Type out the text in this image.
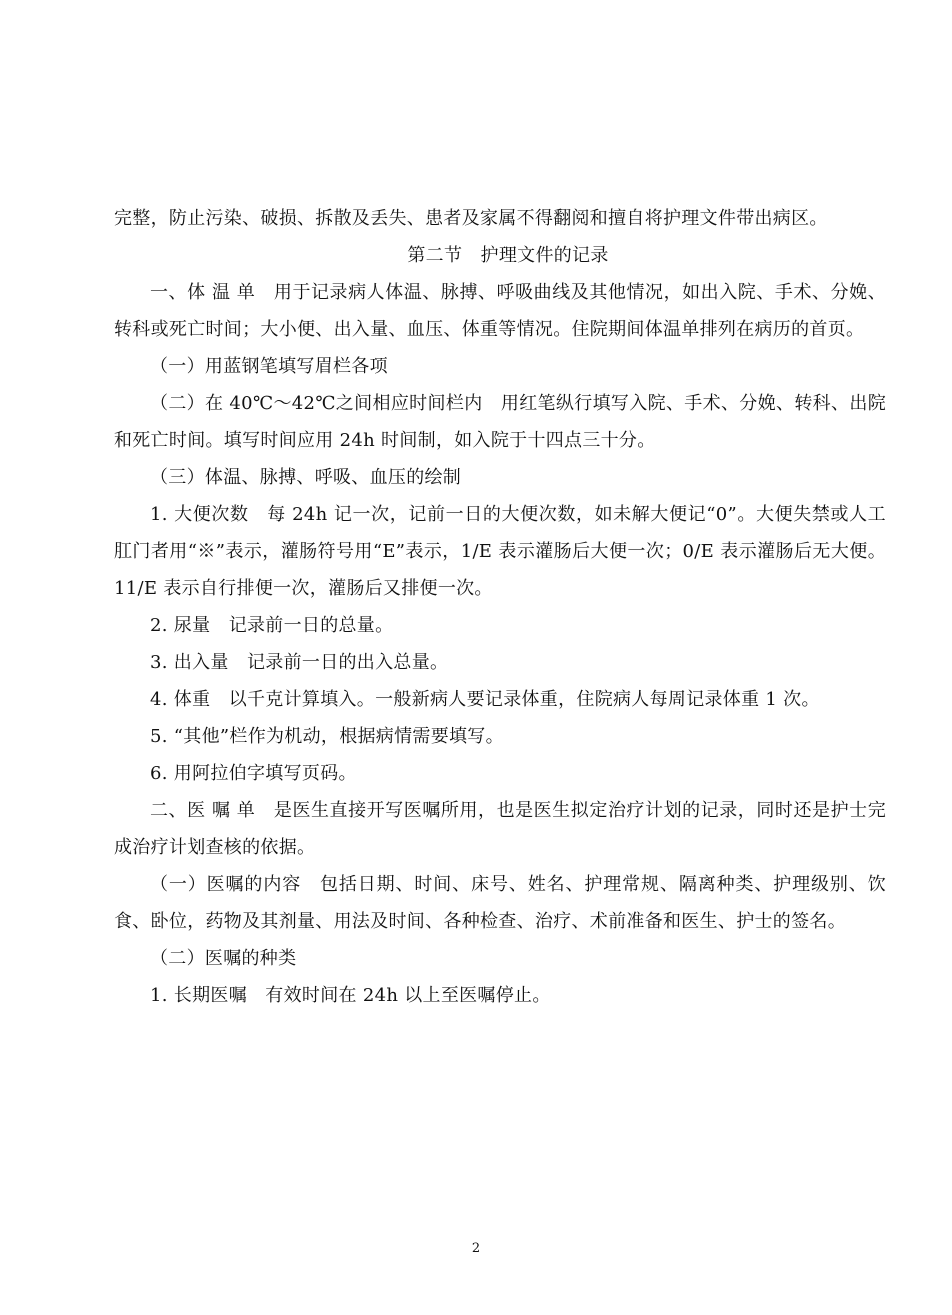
完整，防止污染、破损、拆散及丢失、患者及家属不得翻阅和擅自将护理文件带出病区。

第二节　护理文件的记录

一、体 温 单　用于记录病人体温、脉搏、呼吸曲线及其他情况，如出入院、手术、分娩、转科或死亡时间；大小便、出入量、血压、体重等情况。住院期间体温单排列在病历的首页。

（一）用蓝钢笔填写眉栏各项

（二）在 40℃～42℃之间相应时间栏内　用红笔纵行填写入院、手术、分娩、转科、出院和死亡时间。填写时间应用 24h 时间制，如入院于十四点三十分。

（三）体温、脉搏、呼吸、血压的绘制

1. 大便次数　每 24h 记一次，记前一日的大便次数，如未解大便记“0”。大便失禁或人工肛门者用“※”表示，灌肠符号用“E”表示，1/E 表示灌肠后大便一次；0/E 表示灌肠后无大便。11/E 表示自行排便一次，灌肠后又排便一次。

2. 尿量　记录前一日的总量。

3. 出入量　记录前一日的出入总量。

4. 体重　以千克计算填入。一般新病人要记录体重，住院病人每周记录体重 1 次。

5. “其他”栏作为机动，根据病情需要填写。

6. 用阿拉伯字填写页码。

二、医 嘱 单　是医生直接开写医嘱所用，也是医生拟定治疗计划的记录，同时还是护士完成治疗计划查核的依据。

（一）医嘱的内容　包括日期、时间、床号、姓名、护理常规、隔离种类、护理级别、饮食、卧位，药物及其剂量、用法及时间、各种检查、治疗、术前准备和医生、护士的签名。

（二）医嘱的种类

1. 长期医嘱　有效时间在 24h 以上至医嘱停止。

2
